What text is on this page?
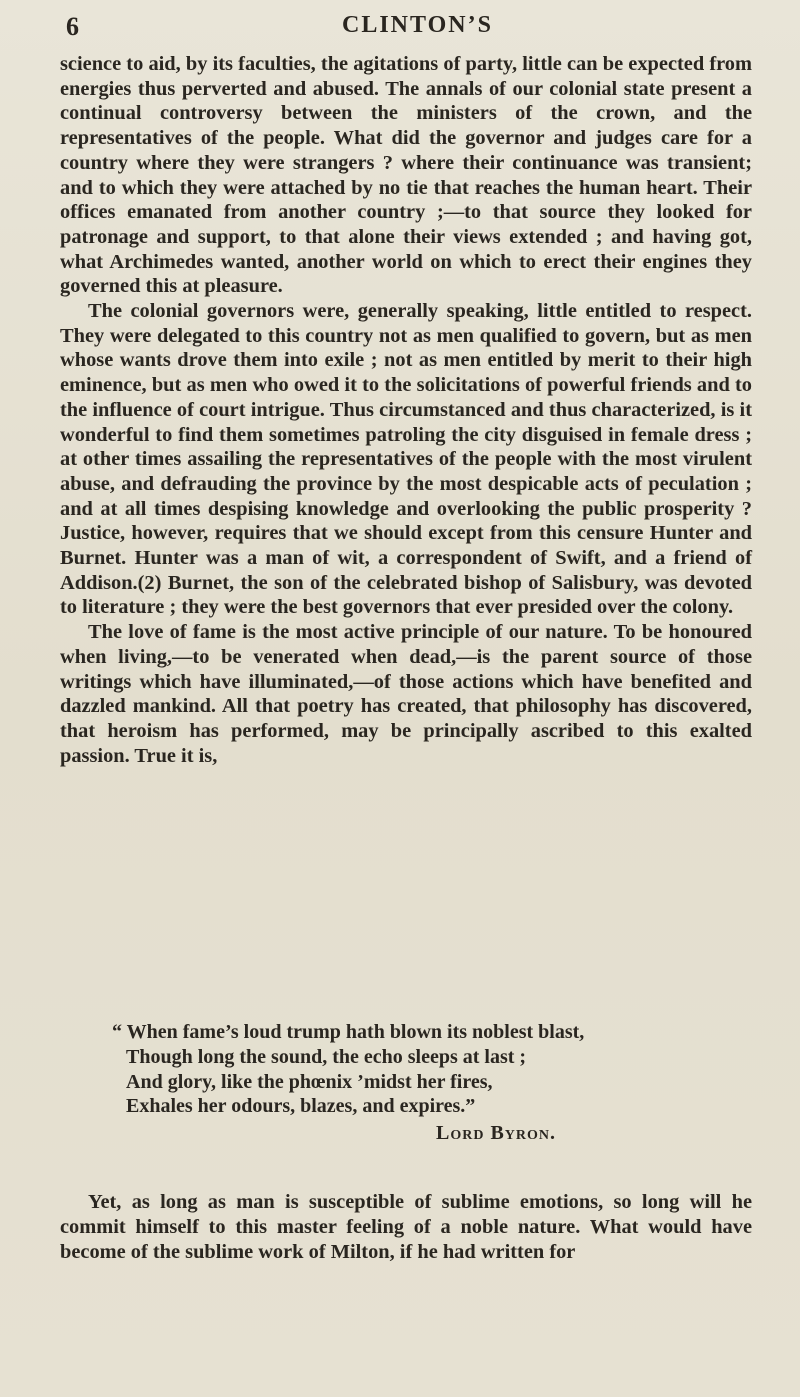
6	CLINTON’S

science to aid, by its faculties, the agitations of party, little can be expected from energies thus perverted and abused. The annals of our colonial state present a continual controversy between the ministers of the crown, and the representatives of the people. What did the governor and judges care for a country where they were strangers ? where their continuance was transient; and to which they were attached by no tie that reaches the human heart. Their offices emanated from another country ;—to that source they looked for patronage and support, to that alone their views extended ; and having got, what Archimedes wanted, another world on which to erect their engines they governed this at pleasure.

The colonial governors were, generally speaking, little entitled to respect. They were delegated to this country not as men qualified to govern, but as men whose wants drove them into exile ; not as men entitled by merit to their high eminence, but as men who owed it to the solicitations of powerful friends and to the influence of court intrigue. Thus circumstanced and thus characterized, is it wonderful to find them sometimes patroling the city disguised in female dress ; at other times assailing the representatives of the people with the most virulent abuse, and defrauding the province by the most despicable acts of peculation ; and at all times despising knowledge and overlooking the public prosperity ? Justice, however, requires that we should except from this censure Hunter and Burnet. Hunter was a man of wit, a correspondent of Swift, and a friend of Addison.(2) Burnet, the son of the celebrated bishop of Salisbury, was devoted to literature ; they were the best governors that ever presided over the colony.

The love of fame is the most active principle of our nature. To be honoured when living,—to be venerated when dead,—is the parent source of those writings which have illuminated,—of those actions which have benefited and dazzled mankind. All that poetry has created, that philosophy has discovered, that heroism has performed, may be principally ascribed to this exalted passion. True it is,

“ When fame’s loud trump hath blown its noblest blast,
Though long the sound, the echo sleeps at last ;
And glory, like the phœnix ’midst her fires,
Exhales her odours, blazes, and expires.”
Lord Byron.

Yet, as long as man is susceptible of sublime emotions, so long will he commit himself to this master feeling of a noble nature. What would have become of the sublime work of Milton, if he had written for
